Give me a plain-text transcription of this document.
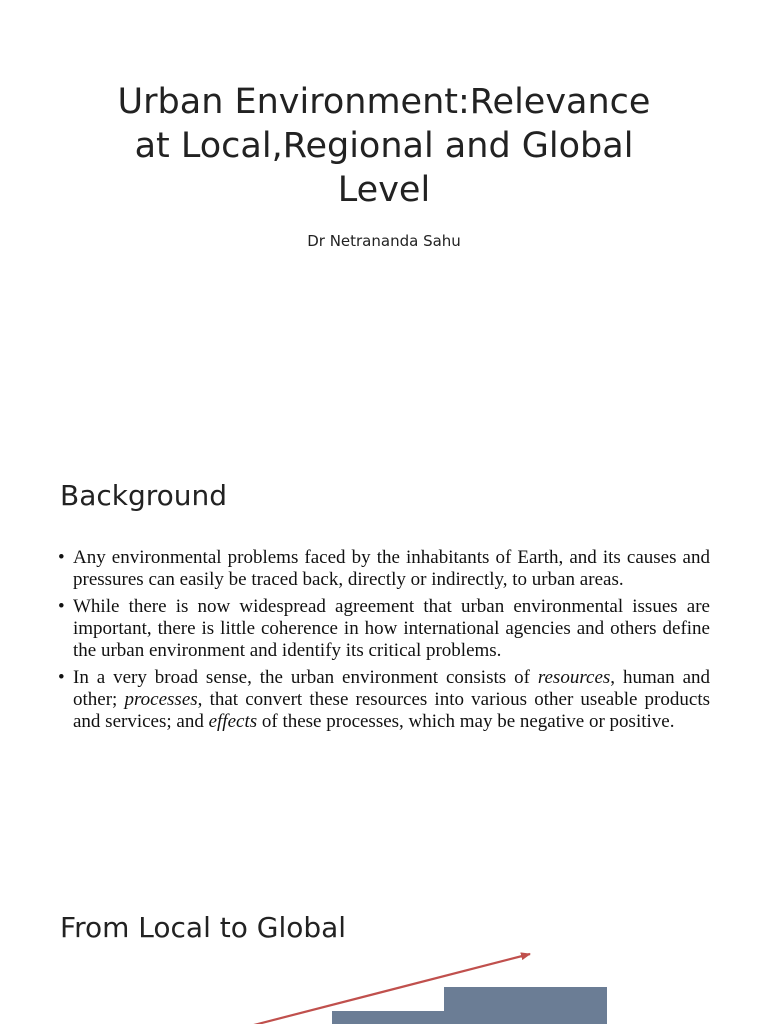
Urban Environment:Relevance
at Local,Regional and Global
Level

Dr Netrananda Sahu

Background
• Any environmental problems faced by the inhabitants of Earth, and its causes and pressures can easily be traced back, directly or indirectly, to urban areas.
• While there is now widespread agreement that urban environmental issues are important, there is little coherence in how international agencies and others define the urban environment and identify its critical problems.
• In a very broad sense, the urban environment consists of resources, human and other; processes, that convert these resources into various other useable products and services; and effects of these processes, which may be negative or positive.
From Local to Global
